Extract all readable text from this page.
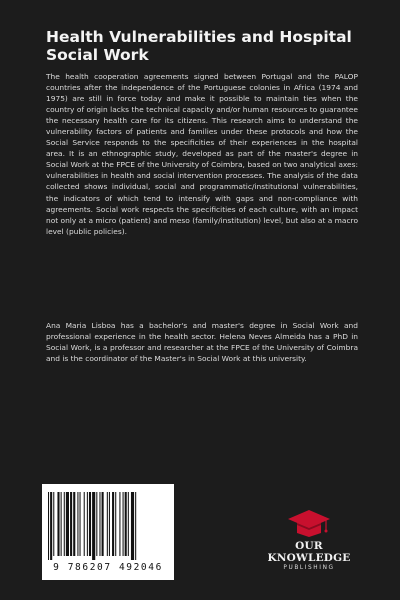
Health Vulnerabilities and Hospital Social Work

The health cooperation agreements signed between Portugal and the PALOP countries after the independence of the Portuguese colonies in Africa (1974 and 1975) are still in force today and make it possible to maintain ties when the country of origin lacks the technical capacity and/or human resources to guarantee the necessary health care for its citizens. This research aims to understand the vulnerability factors of patients and families under these protocols and how the Social Service responds to the specificities of their experiences in the hospital area. It is an ethnographic study, developed as part of the master's degree in Social Work at the FPCE of the University of Coimbra, based on two analytical axes: vulnerabilities in health and social intervention processes. The analysis of the data collected shows individual, social and programmatic/institutional vulnerabilities, the indicators of which tend to intensify with gaps and non-compliance with agreements. Social work respects the specificities of each culture, with an impact not only at a micro (patient) and meso (family/institution) level, but also at a macro level (public policies).

Ana Maria Lisboa has a bachelor's and master's degree in Social Work and professional experience in the health sector. Helena Neves Almeida has a PhD in Social Work, is a professor and researcher at the FPCE of the University of Coimbra and is the coordinator of the Master's in Social Work at this university.

9 786207 492046
OUR KNOWLEDGE
PUBLISHING
